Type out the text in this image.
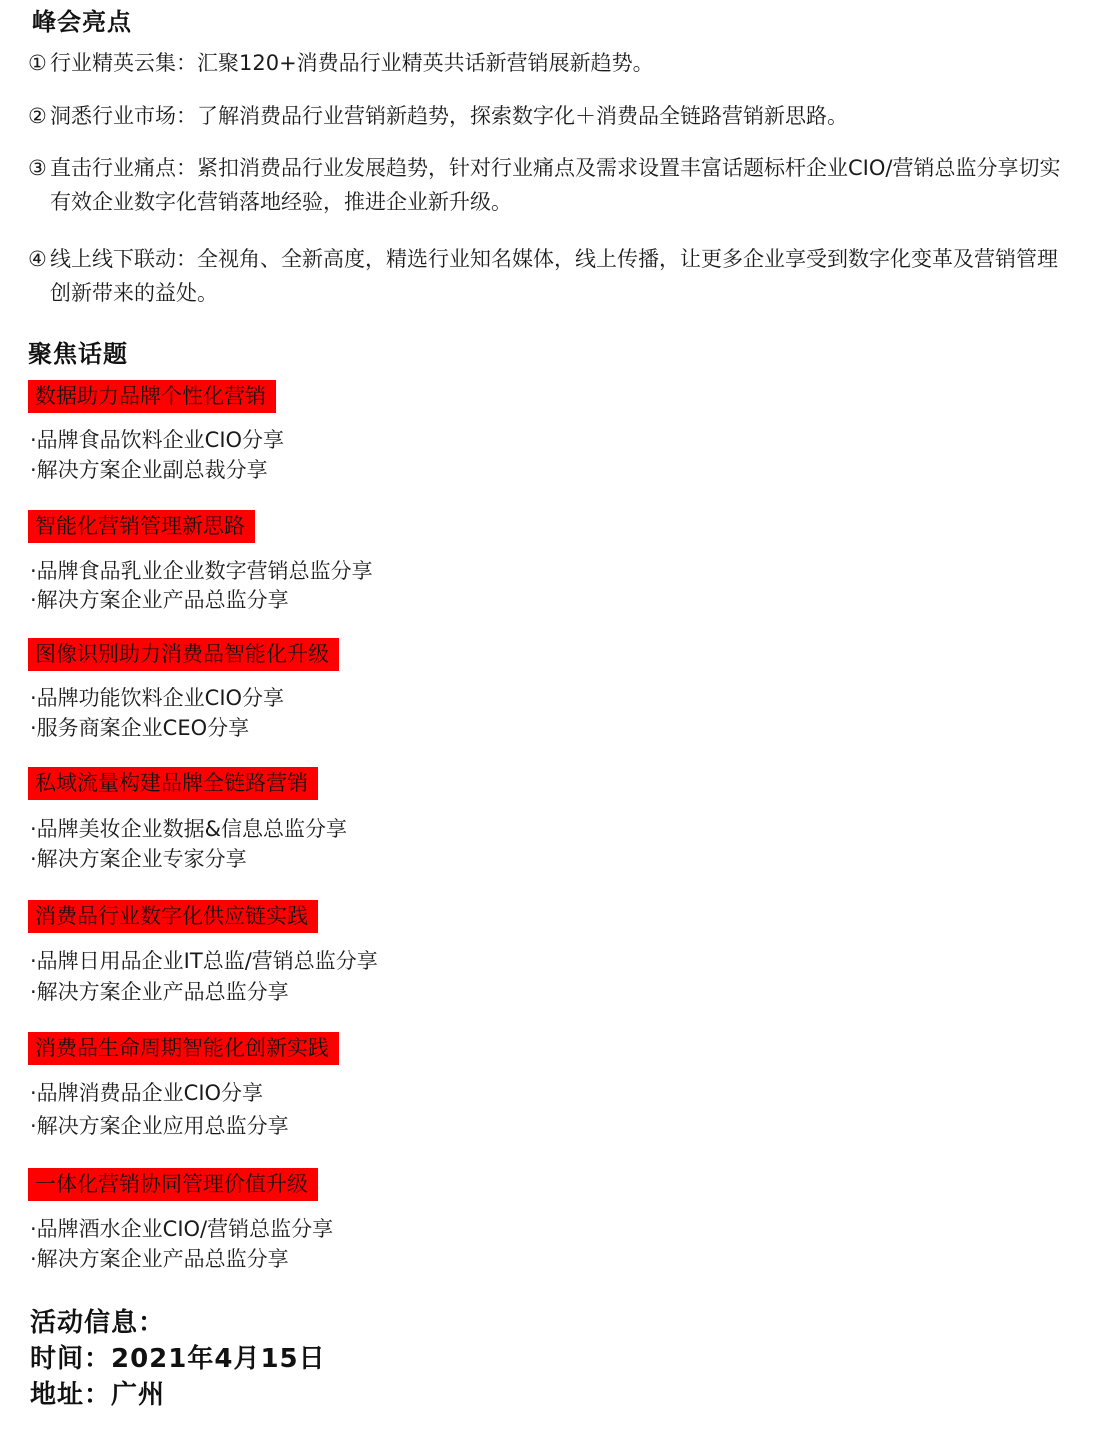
峰会亮点
① 行业精英云集：汇聚120+消费品行业精英共话新营销展新趋势。
② 洞悉行业市场：了解消费品行业营销新趋势，探索数字化＋消费品全链路营销新思路。
③ 直击行业痛点：紧扣消费品行业发展趋势，针对行业痛点及需求设置丰富话题标杆企业CIO/营销总监分享切实有效企业数字化营销落地经验，推进企业新升级。
④ 线上线下联动：全视角、全新高度，精选行业知名媒体，线上传播，让更多企业享受到数字化变革及营销管理创新带来的益处。
聚焦话题
数据助力品牌个性化营销

·品牌食品饮料企业CIO分享

·解决方案企业副总裁分享

智能化营销管理新思路

·品牌食品乳业企业数字营销总监分享

·解决方案企业产品总监分享

图像识别助力消费品智能化升级

·品牌功能饮料企业CIO分享

·服务商案企业CEO分享

私域流量构建品牌全链路营销

·品牌美妆企业数据&信息总监分享

·解决方案企业专家分享

消费品行业数字化供应链实践

·品牌日用品企业IT总监/营销总监分享

·解决方案企业产品总监分享

消费品生命周期智能化创新实践

·品牌消费品企业CIO分享

·解决方案企业应用总监分享

一体化营销协同管理价值升级

·品牌酒水企业CIO/营销总监分享

·解决方案企业产品总监分享

活动信息：

时间：2021年4月15日

地址：广州
